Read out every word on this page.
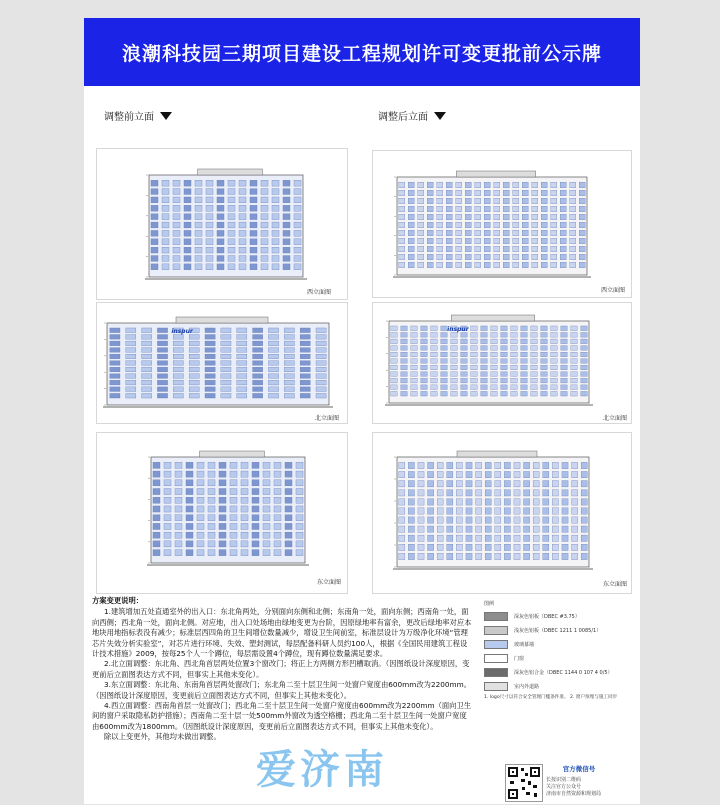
浪潮科技园三期项目建设工程规划许可变更批前公示牌
调整前立面	调整后立面
西立面图
inspur
北立面图
东立面图
西立面图
inspur
北立面图
东立面图
方案变更说明：

1.建筑增加五处直通室外的出入口：东北角两处，分别面向东侧和北侧；东南角一处，面向东侧；西南角一处，面向西侧；西北角一处，面向北侧。对应地，出入口处场地由绿地变更为台阶，因原绿地率有富余，更改后绿地率对应本地块用地指标表没有减少；标准层西四角的卫生间增位数量减少，增设卫生间前室，标准层设计为万级净化环境“管理芯片失效分析实验室”，对芯片进行环境、失效、塑封测试，每层配备科研人员约100人，根据《全国民用建筑工程设计技术措施》2009，按每25个人一个蹲位，每层需设置4个蹲位，现有蹲位数量满足要求。

2.北立面调整：东北角、西北角首层两处位置3个窗改门；将正上方两侧方形凹槽取消。（因图纸设计深度原因，变更前后立面图表达方式不同，但事实上其他未变化）。

3.东立面调整：东北角、东南角首层两处窗改门；东北角二至十层卫生间一处窗户宽度由600mm改为2200mm。（因图纸设计深度原因，变更前后立面图表达方式不同，但事实上其他未变化）。

4.西立面调整：西南角首层一处窗改门；西北角二至十层卫生间一处窗户宽度由600mm改为2200mm（面向卫生间的窗户采取隐私防护措施）；西南角二至十层一处500mm外窗改为透空格栅；西北角二至十层卫生间一处窗户宽度由600mm改为1800mm。（因图纸设计深度原因，变更前后立面图表达方式不同，但事实上其他未变化）。

除以上变更外，其他均未做出调整。

图例
深灰色铝板（DBEC #3.75）
浅灰色铝板（DBEC 1211 1 0085/1）
玻璃幕墙
门窗
深灰色铝合金（DBEC 1144 0 107 4 0/5）
室内外道路
1. logo尺寸以符合安全管理门槛条件准。 2. 窗户预埋与施工同步
官方微信号
长按识别二维码
关注官方公众号
济南市自然资源和规划局
爱济南
